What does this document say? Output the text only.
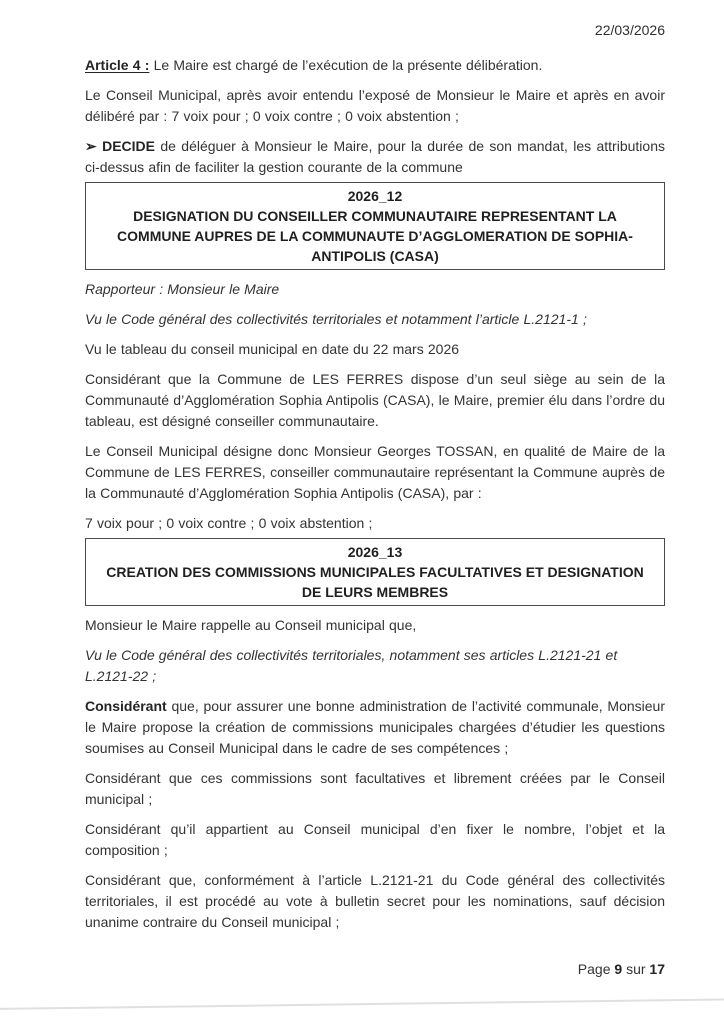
22/03/2026

Article 4 : Le Maire est chargé de l’exécution de la présente délibération.

Le Conseil Municipal, après avoir entendu l’exposé de Monsieur le Maire et après en avoir délibéré par : 7 voix pour ; 0 voix contre ; 0 voix abstention ;

➢ DECIDE de déléguer à Monsieur le Maire, pour la durée de son mandat, les attributions ci-dessus afin de faciliter la gestion courante de la commune

2026_12
DESIGNATION DU CONSEILLER COMMUNAUTAIRE REPRESENTANT LA COMMUNE AUPRES DE LA COMMUNAUTE D’AGGLOMERATION DE SOPHIA-ANTIPOLIS (CASA)

Rapporteur : Monsieur le Maire

Vu le Code général des collectivités territoriales et notamment l’article L.2121-1 ;

Vu le tableau du conseil municipal en date du 22 mars 2026

Considérant que la Commune de LES FERRES dispose d’un seul siège au sein de la Communauté d’Agglomération Sophia Antipolis (CASA), le Maire, premier élu dans l’ordre du tableau, est désigné conseiller communautaire.

Le Conseil Municipal désigne donc Monsieur Georges TOSSAN, en qualité de Maire de la Commune de LES FERRES, conseiller communautaire représentant la Commune auprès de la Communauté d’Agglomération Sophia Antipolis (CASA), par :

7 voix pour ; 0 voix contre ; 0 voix abstention ;

2026_13
CREATION DES COMMISSIONS MUNICIPALES FACULTATIVES ET DESIGNATION DE LEURS MEMBRES

Monsieur le Maire rappelle au Conseil municipal que,

Vu le Code général des collectivités territoriales, notamment ses articles L.2121-21 et L.2121-22 ;

Considérant que, pour assurer une bonne administration de l’activité communale, Monsieur le Maire propose la création de commissions municipales chargées d’étudier les questions soumises au Conseil Municipal dans le cadre de ses compétences ;

Considérant que ces commissions sont facultatives et librement créées par le Conseil municipal ;

Considérant qu’il appartient au Conseil municipal d’en fixer le nombre, l’objet et la composition ;

Considérant que, conformément à l’article L.2121-21 du Code général des collectivités territoriales, il est procédé au vote à bulletin secret pour les nominations, sauf décision unanime contraire du Conseil municipal ;

Page 9 sur 17
